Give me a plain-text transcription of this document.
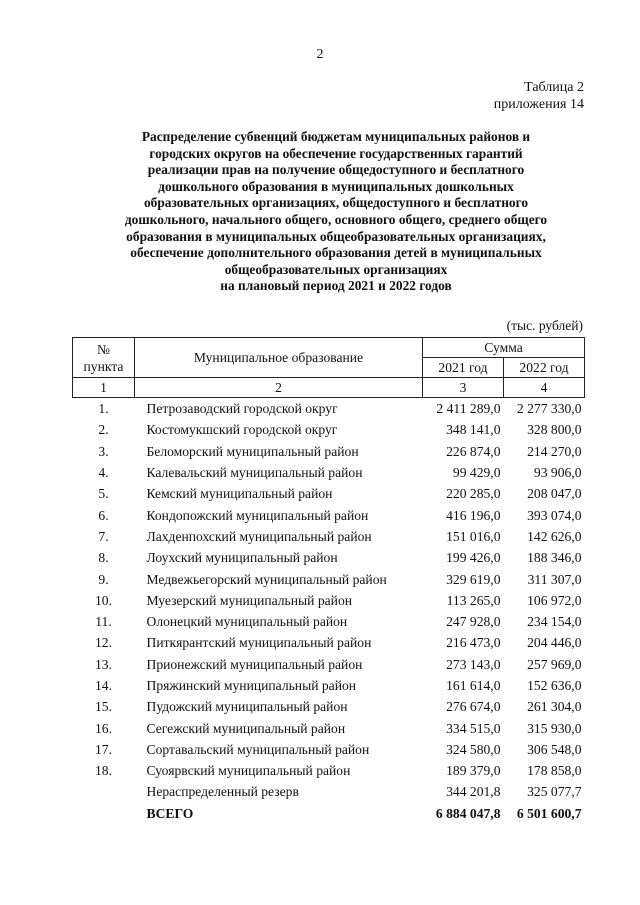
2
Таблица 2
приложения 14
Распределение субвенций бюджетам муниципальных районов и
городских округов на обеспечение государственных гарантий
реализации прав на получение общедоступного и бесплатного
дошкольного образования в муниципальных дошкольных
образовательных организациях, общедоступного и бесплатного
дошкольного, начального общего, основного общего, среднего общего
образования в муниципальных общеобразовательных организациях,
обеспечение дополнительного образования детей в муниципальных
общеобразовательных организациях
на плановый период 2021 и 2022 годов
(тыс. рублей)
№
пункта	Муниципальное образование	Сумма	
		2021 год	2022 год
1	2	3	4
1.	Петрозаводский городской округ	2 411 289,0	2 277 330,0
2.	Костомукшский городской округ	348 141,0	328 800,0
3.	Беломорский муниципальный район	226 874,0	214 270,0
4.	Калевальский муниципальный район	99 429,0	93 906,0
5.	Кемский муниципальный район	220 285,0	208 047,0
6.	Кондопожский муниципальный район	416 196,0	393 074,0
7.	Лахденпохский муниципальный район	151 016,0	142 626,0
8.	Лоухский муниципальный район	199 426,0	188 346,0
9.	Медвежьегорский муниципальный район	329 619,0	311 307,0
10.	Муезерский муниципальный район	113 265,0	106 972,0
11.	Олонецкий муниципальный район	247 928,0	234 154,0
12.	Питкярантский муниципальный район	216 473,0	204 446,0
13.	Прионежский муниципальный район	273 143,0	257 969,0
14.	Пряжинский муниципальный район	161 614,0	152 636,0
15.	Пудожский муниципальный район	276 674,0	261 304,0
16.	Сегежский муниципальный район	334 515,0	315 930,0
17.	Сортавальский муниципальный район	324 580,0	306 548,0
18.	Суоярвский муниципальный район	189 379,0	178 858,0
	Нераспределенный резерв	344 201,8	325 077,7
	ВСЕГО	6 884 047,8	6 501 600,7
